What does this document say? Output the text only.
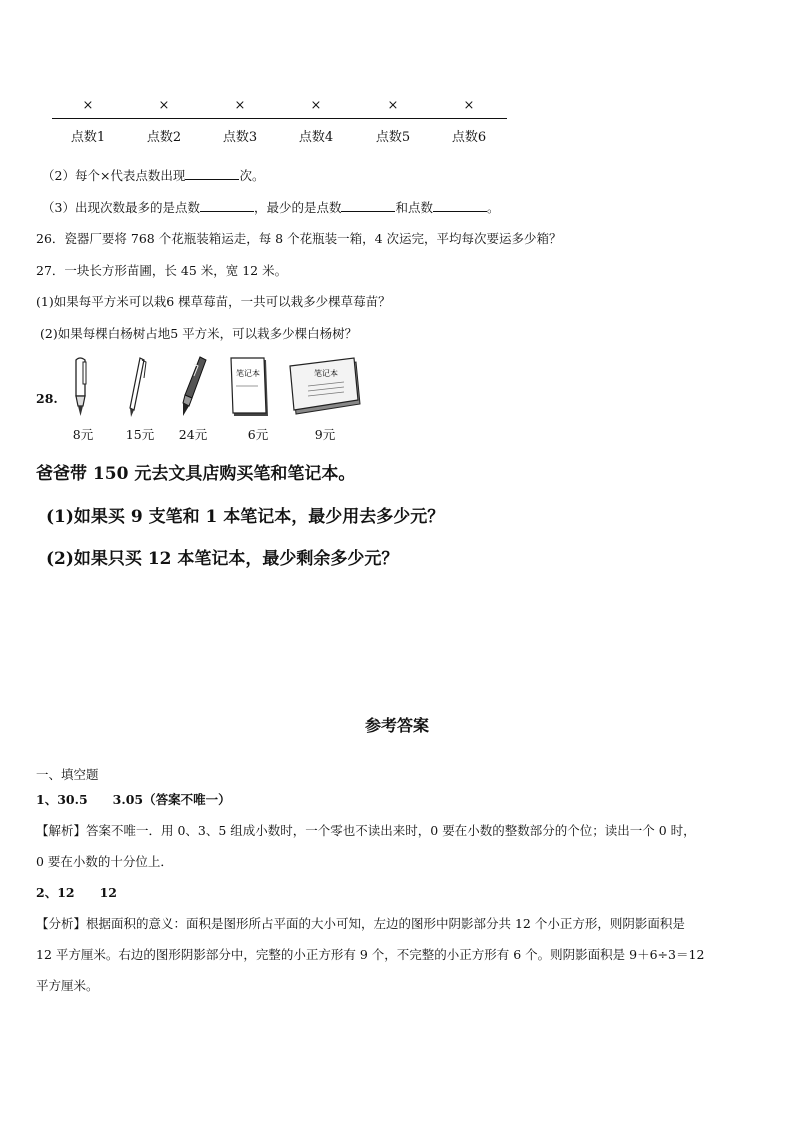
×	×	×	×	×	×
点数1	点数2	点数3	点数4	点数5	点数6
（2）每个×代表点数出现	次。
（3）出现次数最多的是点数	，最少的是点数	和点数	。
26．瓷器厂要将 768 个花瓶装箱运走，每 8 个花瓶装一箱，4 次运完，平均每次要运多少箱？
27．一块长方形苗圃，长 45 米，宽 12 米。
(1)如果每平方米可以栽6 棵草莓苗，一共可以栽多少棵草莓苗？
(2)如果每棵白杨树占地5 平方米，可以栽多少棵白杨树？
28.
笔记本	笔记本
8元	15元	24元	6元	9元
爸爸带 150 元去文具店购买笔和笔记本。
(1)如果买 9 支笔和 1 本笔记本，最少用去多少元？
(2)如果只买 12 本笔记本，最少剩余多少元？
参考答案
一、填空题
1、30.5　　3.05（答案不唯一）
【解析】答案不唯一．用 0、3、5 组成小数时，一个零也不读出来时，0 要在小数的整数部分的个位；读出一个 0 时，
0 要在小数的十分位上．
2、12　　12
【分析】根据面积的意义：面积是图形所占平面的大小可知，左边的图形中阴影部分共 12 个小正方形，则阴影面积是
12 平方厘米。右边的图形阴影部分中，完整的小正方形有 9 个，不完整的小正方形有 6 个。则阴影面积是 9＋6÷3＝12
平方厘米。
